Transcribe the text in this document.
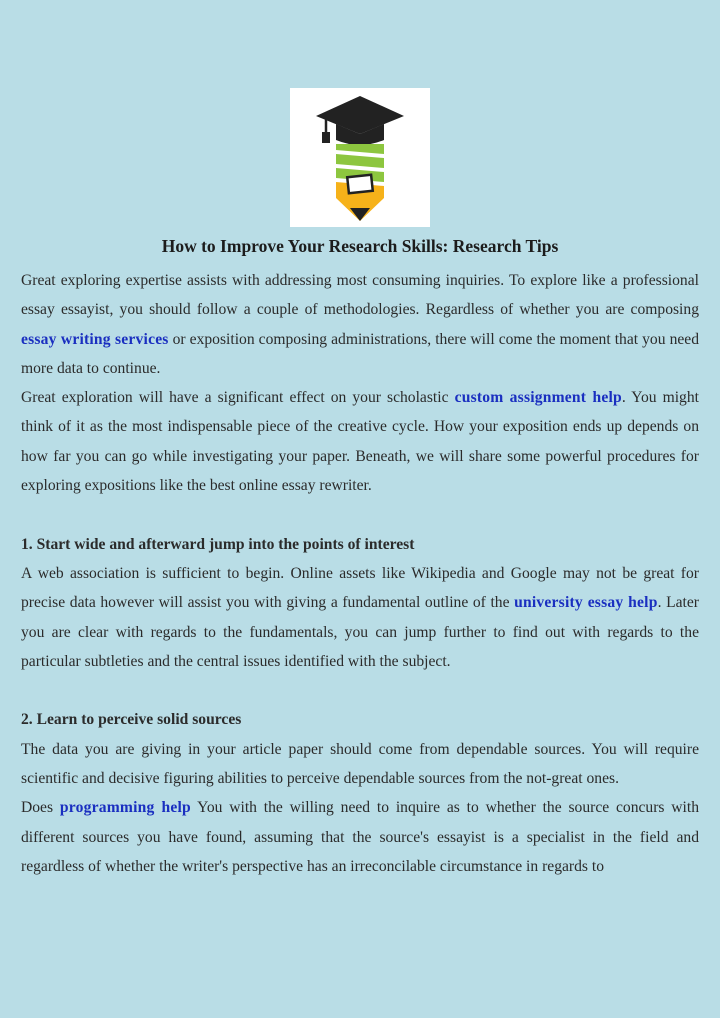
How to Improve Your Research Skills: Research Tips

Great exploring expertise assists with addressing most consuming inquiries. To explore like a professional essay essayist, you should follow a couple of methodologies. Regardless of whether you are composing essay writing services or exposition composing administrations, there will come the moment that you need more data to continue.

Great exploration will have a significant effect on your scholastic custom assignment help. You might think of it as the most indispensable piece of the creative cycle. How your exposition ends up depends on how far you can go while investigating your paper. Beneath, we will share some powerful procedures for exploring expositions like the best online essay rewriter.

1. Start wide and afterward jump into the points of interest

A web association is sufficient to begin. Online assets like Wikipedia and Google may not be great for precise data however will assist you with giving a fundamental outline of the university essay help. Later you are clear with regards to the fundamentals, you can jump further to find out with regards to the particular subtleties and the central issues identified with the subject.

2. Learn to perceive solid sources

The data you are giving in your article paper should come from dependable sources. You will require scientific and decisive figuring abilities to perceive dependable sources from the not-great ones.

Does programming help You with the willing need to inquire as to whether the source concurs with different sources you have found, assuming that the source's essayist is a specialist in the field and regardless of whether the writer's perspective has an irreconcilable circumstance in regards to
